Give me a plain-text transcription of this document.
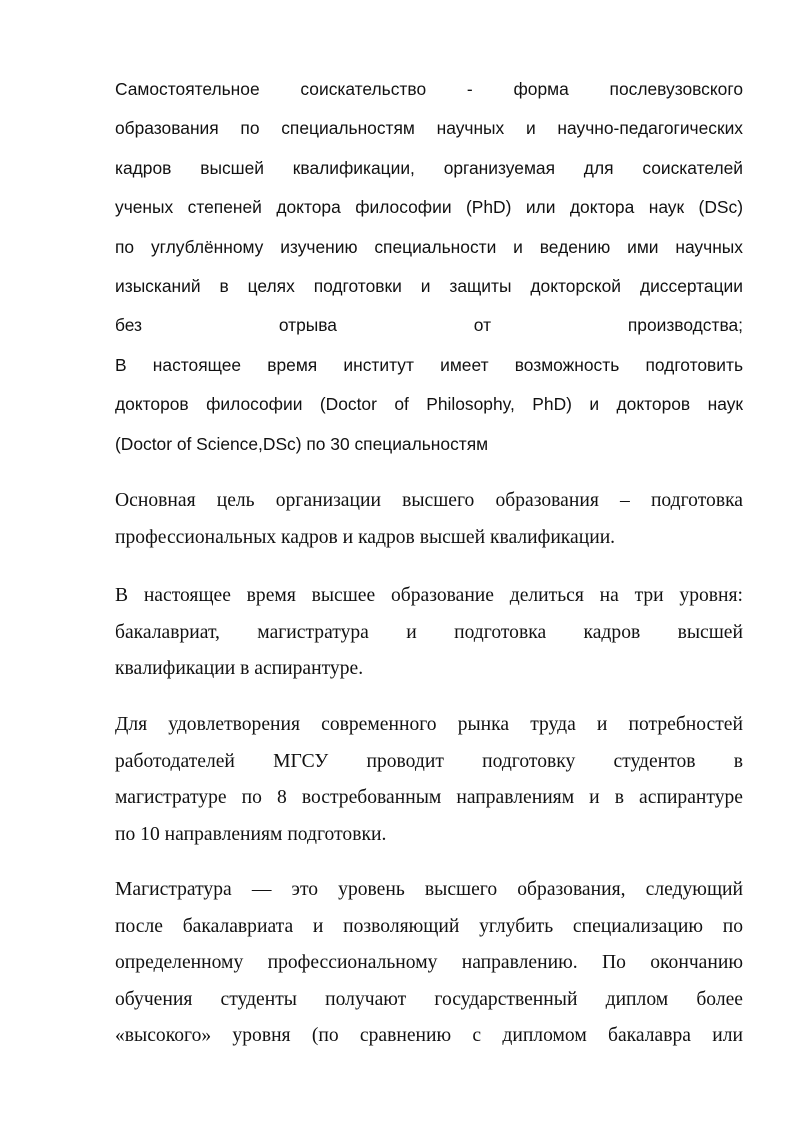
Самостоятельное соискательство - форма послевузовского
образования по специальностям научных и научно-педагогических
кадров высшей квалификации, организуемая для соискателей
ученых степеней доктора философии (PhD) или доктора наук (DSc)
по углублённому изучению специальности и ведению ими научных
изысканий в целях подготовки и защиты докторской диссертации
без отрыва от производства;
В настоящее время институт имеет возможность подготовить
докторов философии (Doctor of Philosophy, PhD) и докторов наук
(Doctor of Science,DSc) по 30 специальностям
Основная цель организации высшего образования – подготовка
профессиональных кадров и кадров высшей квалификации.
В настоящее время высшее образование делиться на три уровня:
бакалавриат, магистратура и подготовка кадров высшей
квалификации в аспирантуре.
Для удовлетворения современного рынка труда и потребностей
работодателей МГСУ проводит подготовку студентов в
магистратуре по 8 востребованным направлениям и в аспирантуре
по 10 направлениям подготовки.
Магистратура — это уровень высшего образования, следующий
после бакалавриата и позволяющий углубить специализацию по
определенному профессиональному направлению. По окончанию
обучения студенты получают государственный диплом более
«высокого» уровня (по сравнению с дипломом бакалавра или
